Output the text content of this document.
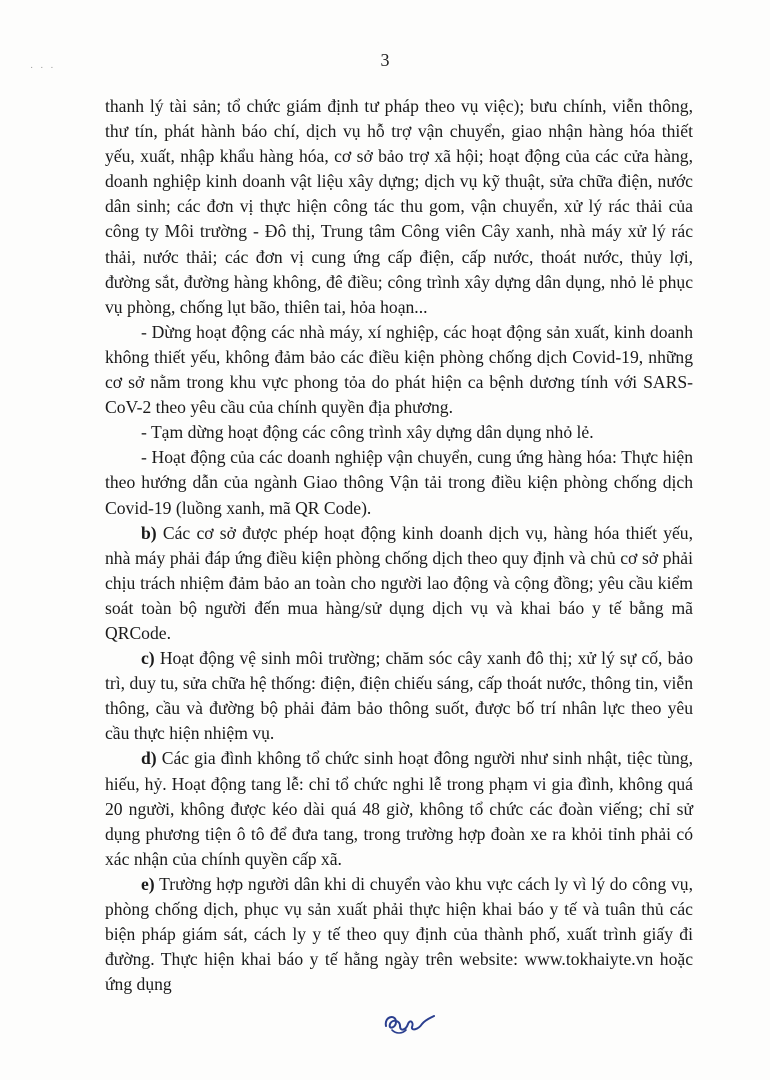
· · ·	3

thanh lý tài sản; tổ chức giám định tư pháp theo vụ việc); bưu chính, viễn thông, thư tín, phát hành báo chí, dịch vụ hỗ trợ vận chuyển, giao nhận hàng hóa thiết yếu, xuất, nhập khẩu hàng hóa, cơ sở bảo trợ xã hội; hoạt động của các cửa hàng, doanh nghiệp kinh doanh vật liệu xây dựng; dịch vụ kỹ thuật, sửa chữa điện, nước dân sinh; các đơn vị thực hiện công tác thu gom, vận chuyển, xử lý rác thải của công ty Môi trường - Đô thị, Trung tâm Công viên Cây xanh, nhà máy xử lý rác thải, nước thải; các đơn vị cung ứng cấp điện, cấp nước, thoát nước, thủy lợi, đường sắt, đường hàng không, đê điều; công trình xây dựng dân dụng, nhỏ lẻ phục vụ phòng, chống lụt bão, thiên tai, hỏa hoạn...

- Dừng hoạt động các nhà máy, xí nghiệp, các hoạt động sản xuất, kinh doanh không thiết yếu, không đảm bảo các điều kiện phòng chống dịch Covid-19, những cơ sở nằm trong khu vực phong tỏa do phát hiện ca bệnh dương tính với SARS-CoV-2 theo yêu cầu của chính quyền địa phương.

- Tạm dừng hoạt động các công trình xây dựng dân dụng nhỏ lẻ.

- Hoạt động của các doanh nghiệp vận chuyển, cung ứng hàng hóa: Thực hiện theo hướng dẫn của ngành Giao thông Vận tải trong điều kiện phòng chống dịch Covid-19 (luồng xanh, mã QR Code).

b) Các cơ sở được phép hoạt động kinh doanh dịch vụ, hàng hóa thiết yếu, nhà máy phải đáp ứng điều kiện phòng chống dịch theo quy định và chủ cơ sở phải chịu trách nhiệm đảm bảo an toàn cho người lao động và cộng đồng; yêu cầu kiểm soát toàn bộ người đến mua hàng/sử dụng dịch vụ và khai báo y tế bằng mã QRCode.

c) Hoạt động vệ sinh môi trường; chăm sóc cây xanh đô thị; xử lý sự cố, bảo trì, duy tu, sửa chữa hệ thống: điện, điện chiếu sáng, cấp thoát nước, thông tin, viễn thông, cầu và đường bộ phải đảm bảo thông suốt, được bố trí nhân lực theo yêu cầu thực hiện nhiệm vụ.

d) Các gia đình không tổ chức sinh hoạt đông người như sinh nhật, tiệc tùng, hiếu, hỷ. Hoạt động tang lễ: chỉ tổ chức nghi lễ trong phạm vi gia đình, không quá 20 người, không được kéo dài quá 48 giờ, không tổ chức các đoàn viếng; chỉ sử dụng phương tiện ô tô để đưa tang, trong trường hợp đoàn xe ra khỏi tỉnh phải có xác nhận của chính quyền cấp xã.

e) Trường hợp người dân khi di chuyển vào khu vực cách ly vì lý do công vụ, phòng chống dịch, phục vụ sản xuất phải thực hiện khai báo y tế và tuân thủ các biện pháp giám sát, cách ly y tế theo quy định của thành phố, xuất trình giấy đi đường. Thực hiện khai báo y tế hằng ngày trên website: www.tokhaiyte.vn hoặc ứng dụng
